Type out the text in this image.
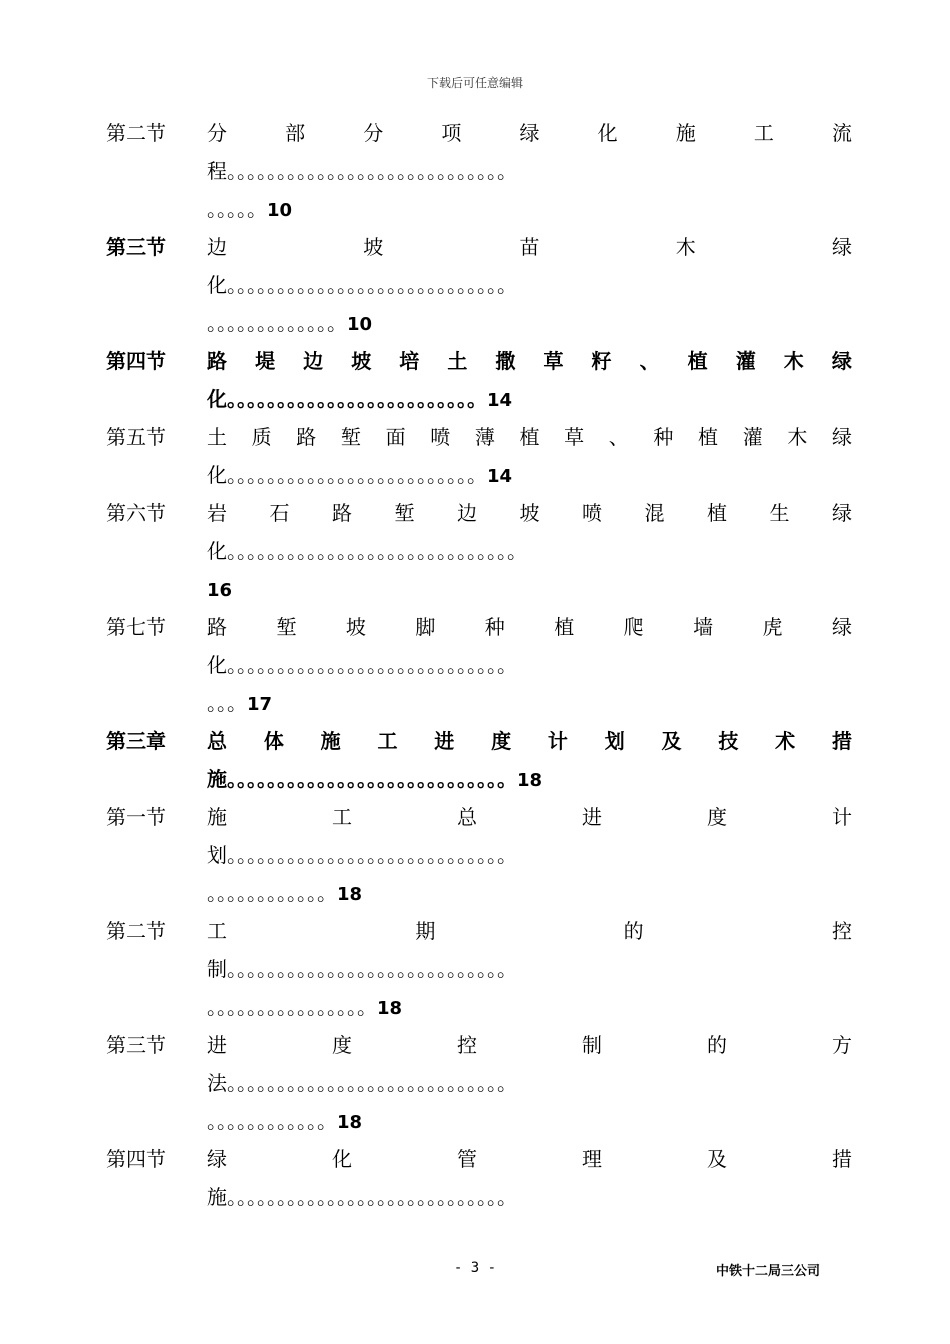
下载后可任意编辑
第二节	分	部	分	项	绿	化	施	工	流
程。。。。。。。。。。。。。。。。。。。。。。。。。。。。
。。。。。10
第三节	边	坡	苗	木	绿
化。。。。。。。。。。。。。。。。。。。。。。。。。。。。
。。。。。。。。。。。。。10
第四节	路 堤 边 坡 培 土 撒 草 籽 、 植 灌 木 绿
化。。。。。。。。。。。。。。。。。。。。。。。。。14
第五节	土 质 路 堑 面 喷 薄 植 草 、 种 植 灌 木 绿
化。。。。。。。。。。。。。。。。。。。。。。。。。14
第六节	岩 石 路 堑 边 坡 喷 混 植 生 绿
化。。。。。。。。。。。。。。。。。。。。。。。。。。。。。
16
第七节	路 堑 坡 脚 种 植 爬 墙 虎 绿
化。。。。。。。。。。。。。。。。。。。。。。。。。。。。
。。。17
第三章	总 体 施 工 进 度 计 划 及 技 术 措
施。。。。。。。。。。。。。。。。。。。。。。。。。。。。18
第一节	施	工	总	进	度	计
划。。。。。。。。。。。。。。。。。。。。。。。。。。。。
。。。。。。。。。。。。18
第二节	工	期	的	控
制。。。。。。。。。。。。。。。。。。。。。。。。。。。。
。。。。。。。。。。。。。。。。18
第三节	进	度	控	制	的	方
法。。。。。。。。。。。。。。。。。。。。。。。。。。。。
。。。。。。。。。。。。18
第四节	绿	化	管	理	及	措
施。。。。。。。。。。。。。。。。。。。。。。。。。。。。
- 3 -	中铁十二局三公司
